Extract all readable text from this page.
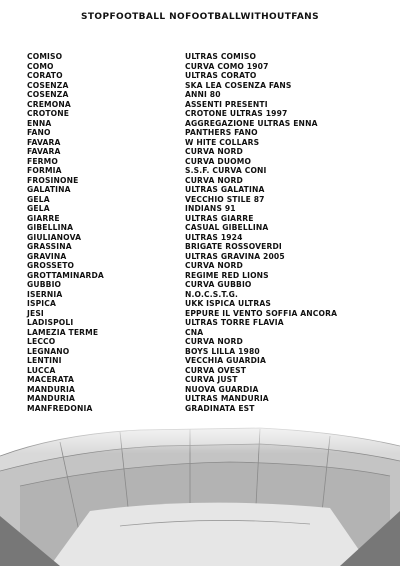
STOPFOOTBALL NOFOOTBALLWITHOUTFANS
COMISO	ULTRAS COMISO
COMO	CURVA COMO 1907
CORATO	ULTRAS CORATO
COSENZA	SKA LEA COSENZA FANS
COSENZA	ANNI 80
CREMONA	ASSENTI PRESENTI
CROTONE	CROTONE ULTRAS 1997
ENNA	AGGREGAZIONE ULTRAS ENNA
FANO	PANTHERS FANO
FAVARA	W HITE COLLARS
FAVARA	CURVA NORD
FERMO	CURVA DUOMO
FORMIA	S.S.F. CURVA CONI
FROSINONE	CURVA NORD
GALATINA	ULTRAS GALATINA
GELA	VECCHIO STILE 87
GELA	INDIANS 91
GIARRE	ULTRAS GIARRE
GIBELLINA	CASUAL GIBELLINA
GIULIANOVA	ULTRAS 1924
GRASSINA	BRIGATE ROSSOVERDI
GRAVINA	ULTRAS GRAVINA 2005
GROSSETO	CURVA NORD
GROTTAMINARDA	REGIME RED LIONS
GUBBIO	CURVA GUBBIO
ISERNIA	N.O.C.S.T.G.
ISPICA	UKK ISPICA ULTRAS
JESI	EPPURE IL VENTO SOFFIA ANCORA
LADISPOLI	ULTRAS TORRE FLAVIA
LAMEZIA TERME	CNA
LECCO	CURVA NORD
LEGNANO	BOYS LILLA 1980
LENTINI	VECCHIA GUARDIA
LUCCA	CURVA OVEST
MACERATA	CURVA JUST
MANDURIA	NUOVA GUARDIA
MANDURIA	ULTRAS MANDURIA
MANFREDONIA	GRADINATA EST
